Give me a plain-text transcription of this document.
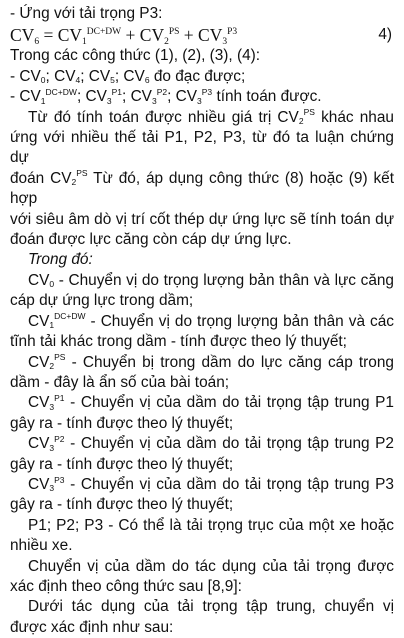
- Ứng với tải trọng P3:
$CV_6 = CV_1^{DC+DW} + CV_2^{PS} + CV_3^{P3}$	4)
Trong các công thức (1), (2), (3), (4):
- $CV_0$; $CV_4$; $CV_5$; $CV_6$ đo đạc được;
- $CV_1^{DC+DW}$; $CV_3^{P1}$; $CV_3^{P2}$; $CV_3^{P3}$ tính toán được.
Từ đó tính toán được nhiều giá trị $CV_2^{PS}$ khác nhau
ứng với nhiều thế tải P1, P2, P3, từ đó ta luận chứng dự
đoán $CV_2^{PS}$ Từ đó, áp dụng công thức (8) hoặc (9) kết hợp
với siêu âm dò vị trí cốt thép dự ứng lực sẽ tính toán dự
đoán được lực căng còn cáp dự ứng lực.
Trong đó:
$CV_0$ - Chuyển vị do trọng lượng bản thân và lực căng
cáp dự ứng lực trong dầm;
$CV_1^{DC+DW}$ - Chuyển vị do trọng lượng bản thân và các
tĩnh tải khác trong dầm - tính được theo lý thuyết;
$CV_2^{PS}$ - Chuyển bị trong dầm do lực căng cáp trong
dầm - đây là ẩn số của bài toán;
$CV_3^{P1}$ - Chuyển vị của dầm do tải trọng tập trung P1
gây ra - tính được theo lý thuyết;
$CV_3^{P2}$ - Chuyển vị của dầm do tải trọng tập trung P2
gây ra - tính được theo lý thuyết;
$CV_3^{P3}$ - Chuyển vị của dầm do tải trọng tập trung P3
gây ra - tính được theo lý thuyết;
P1; P2; P3 - Có thể là tải trọng trục của một xe hoặc
nhiều xe.
Chuyển vị của dầm do tác dụng của tải trọng được
xác định theo công thức sau [8,9]:
Dưới tác dụng của tải trọng tập trung, chuyển vị
được xác định như sau:
